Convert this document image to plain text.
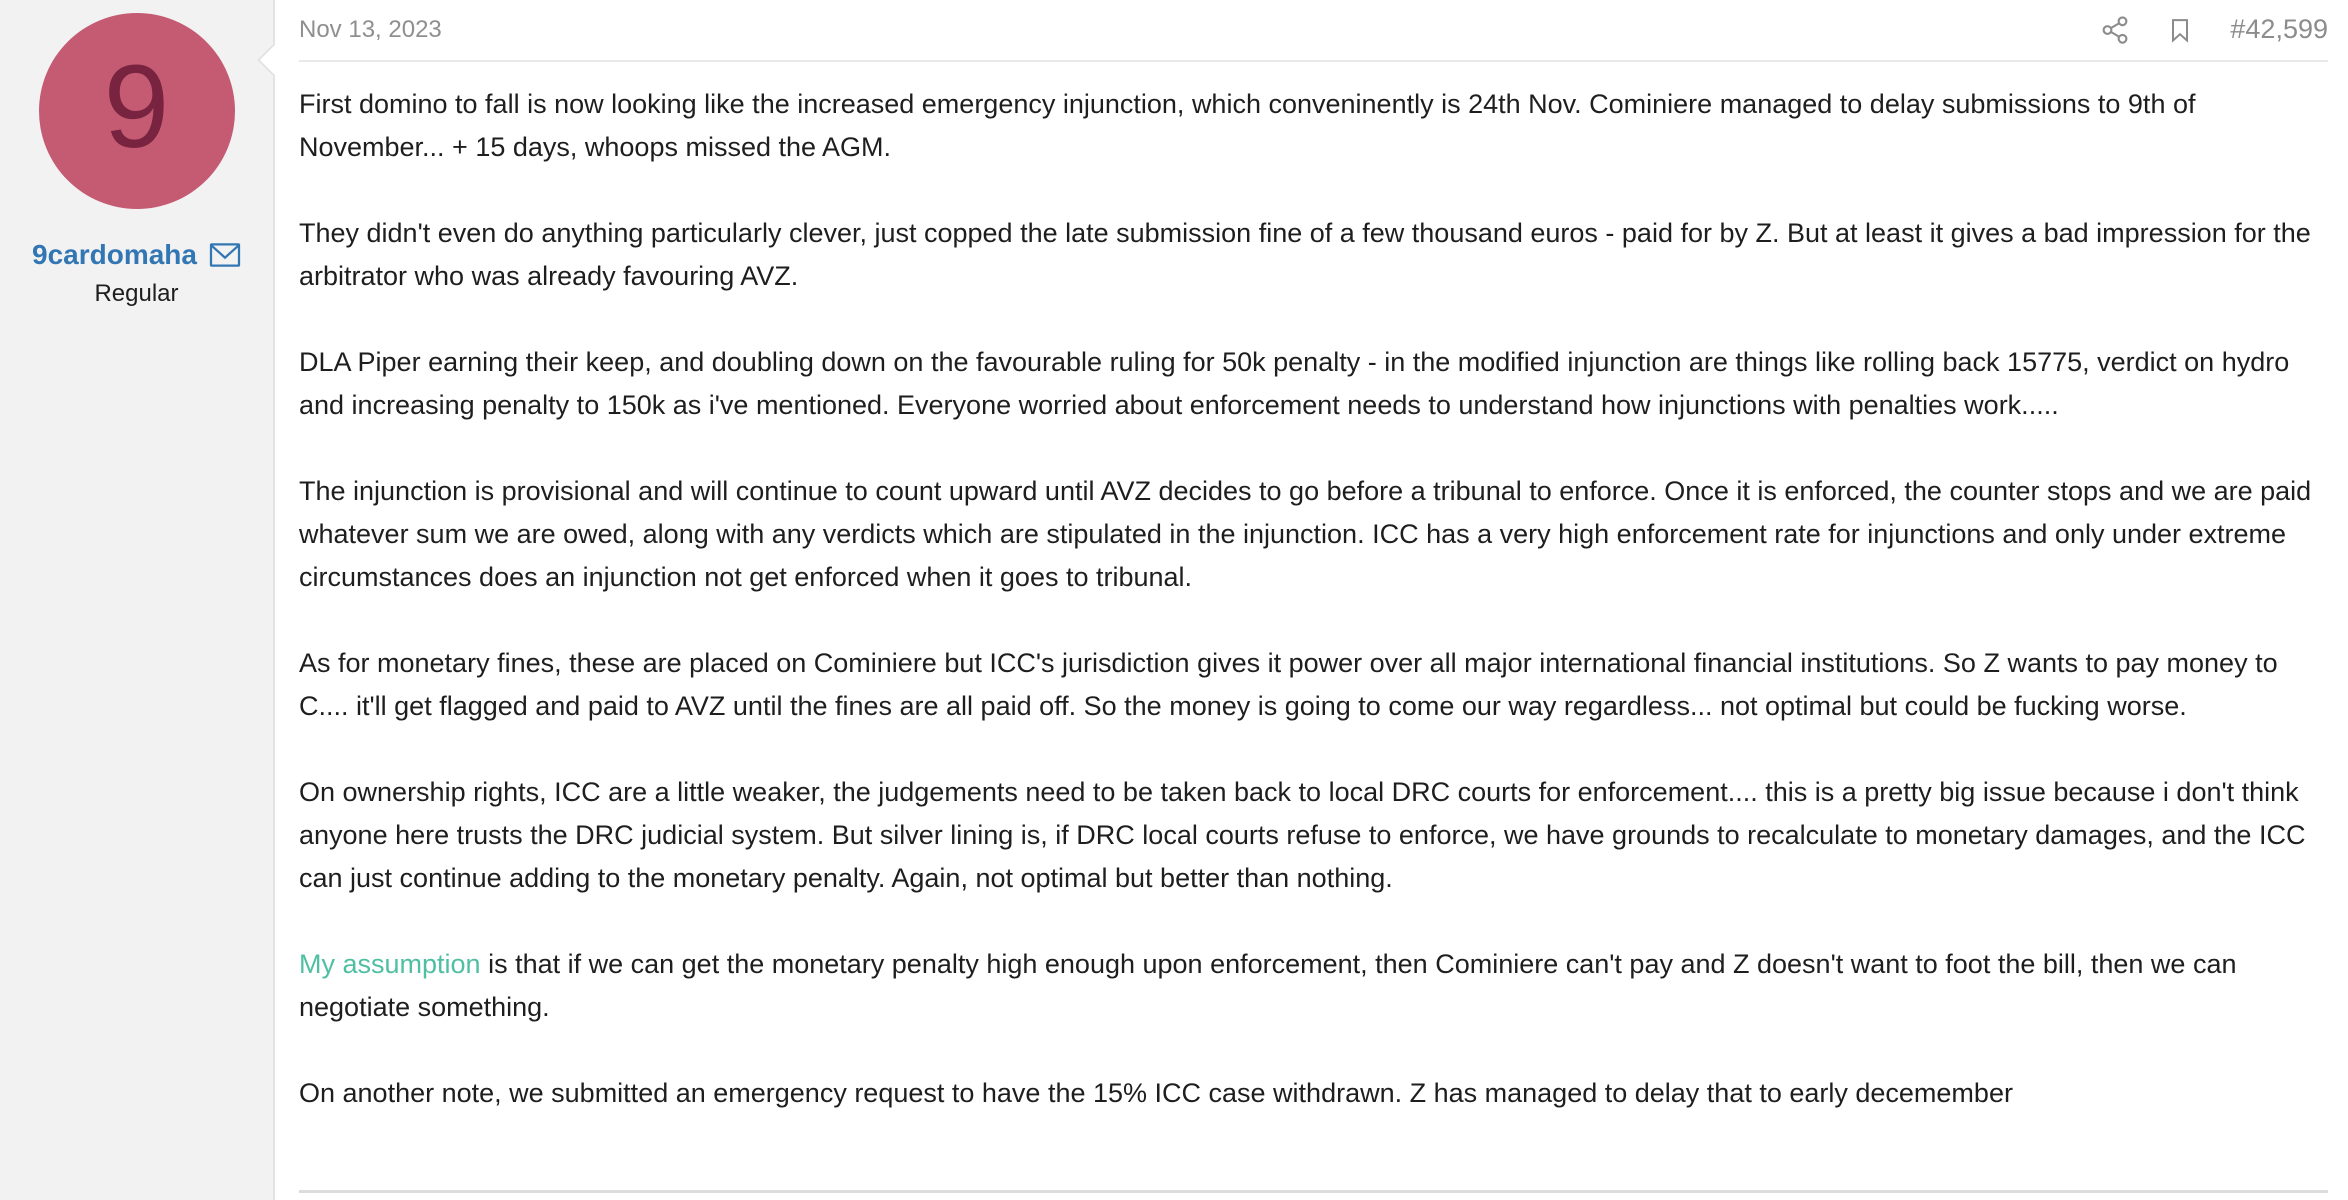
9
9cardomaha
Regular
Nov 13, 2023	#42,599

First domino to fall is now looking like the increased emergency injunction, which conveninently is 24th Nov. Cominiere managed to delay submissions to 9th of November... + 15 days, whoops missed the AGM.

They didn't even do anything particularly clever, just copped the late submission fine of a few thousand euros - paid for by Z. But at least it gives a bad impression for the arbitrator who was already favouring AVZ.

DLA Piper earning their keep, and doubling down on the favourable ruling for 50k penalty - in the modified injunction are things like rolling back 15775, verdict on hydro and increasing penalty to 150k as i've mentioned. Everyone worried about enforcement needs to understand how injunctions with penalties work.....

The injunction is provisional and will continue to count upward until AVZ decides to go before a tribunal to enforce. Once it is enforced, the counter stops and we are paid whatever sum we are owed, along with any verdicts which are stipulated in the injunction. ICC has a very high enforcement rate for injunctions and only under extreme circumstances does an injunction not get enforced when it goes to tribunal.

As for monetary fines, these are placed on Cominiere but ICC's jurisdiction gives it power over all major international financial institutions. So Z wants to pay money to C.... it'll get flagged and paid to AVZ until the fines are all paid off. So the money is going to come our way regardless... not optimal but could be fucking worse.

On ownership rights, ICC are a little weaker, the judgements need to be taken back to local DRC courts for enforcement.... this is a pretty big issue because i don't think anyone here trusts the DRC judicial system. But silver lining is, if DRC local courts refuse to enforce, we have grounds to recalculate to monetary damages, and the ICC can just continue adding to the monetary penalty. Again, not optimal but better than nothing.

My assumption is that if we can get the monetary penalty high enough upon enforcement, then Cominiere can't pay and Z doesn't want to foot the bill, then we can negotiate something.

On another note, we submitted an emergency request to have the 15% ICC case withdrawn. Z has managed to delay that to early decemember
